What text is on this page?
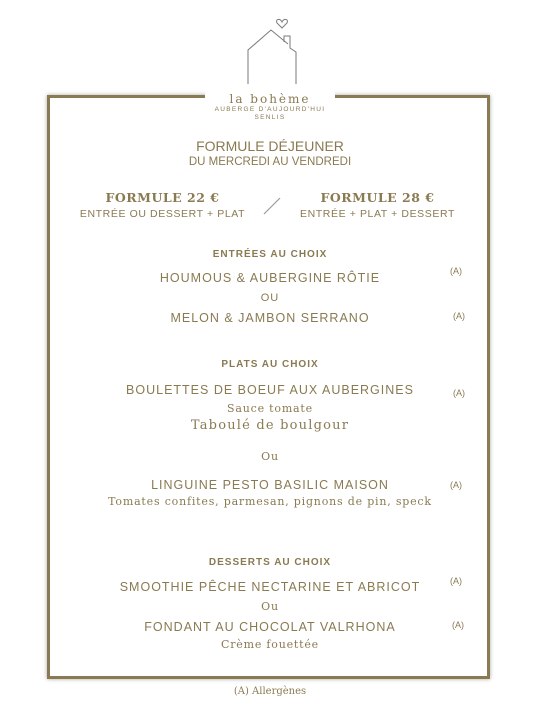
la bohème
AUBERGE D'AUJOURD'HUI
SENLIS
FORMULE DÉJEUNER
DU MERCREDI AU VENDREDI
FORMULE 22 €
ENTRÉE OU DESSERT + PLAT
FORMULE 28 €
ENTRÉE + PLAT + DESSERT
ENTRÉES AU CHOIX
HOUMOUS & AUBERGINE RÔTIE	(A)
OU
MELON & JAMBON SERRANO	(A)
PLATS AU CHOIX
BOULETTES DE BOEUF AUX AUBERGINES	(A)
Sauce tomate
Taboulé de boulgour
Ou
LINGUINE PESTO BASILIC MAISON	(A)
Tomates confites, parmesan, pignons de pin, speck
DESSERTS AU CHOIX
SMOOTHIE PÊCHE NECTARINE ET ABRICOT	(A)
Ou
FONDANT AU CHOCOLAT VALRHONA	(A)
Crème fouettée
(A) Allergènes
